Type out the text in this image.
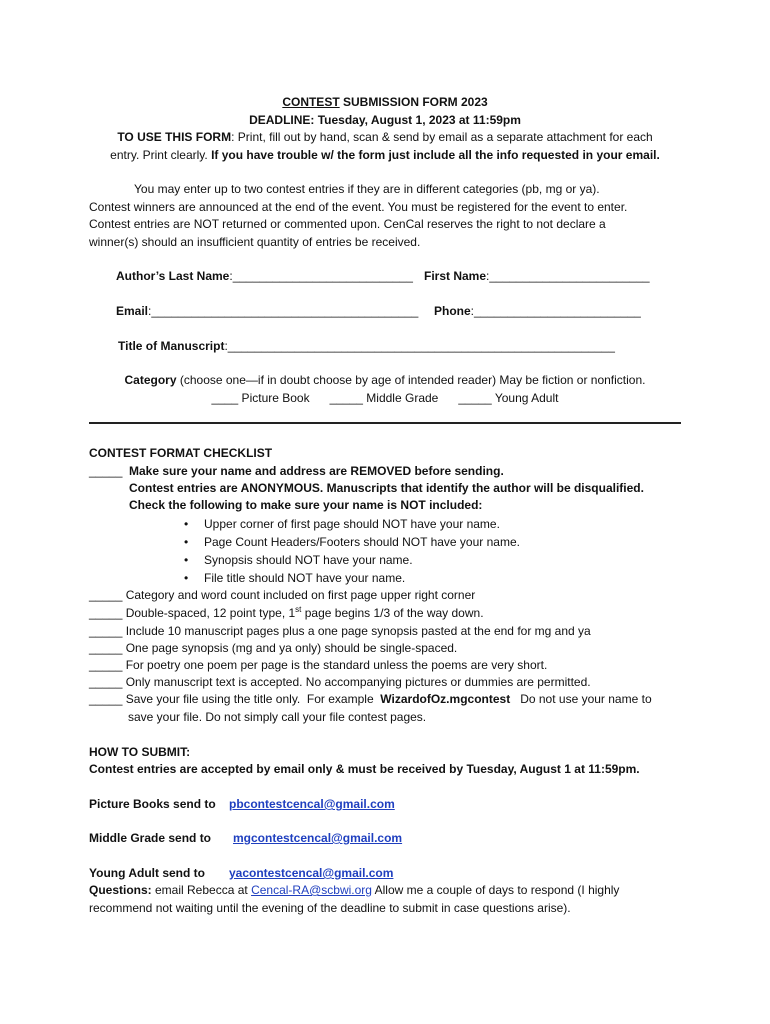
CONTEST SUBMISSION FORM 2023
DEADLINE: Tuesday, August 1, 2023 at 11:59pm
TO USE THIS FORM: Print, fill out by hand, scan & send by email as a separate attachment for each
entry. Print clearly. If you have trouble w/ the form just include all the info requested in your email.
You may enter up to two contest entries if they are in different categories (pb, mg or ya).
Contest winners are announced at the end of the event. You must be registered for the event to enter.
Contest entries are NOT returned or commented upon. CenCal reserves the right to not declare a
winner(s) should an insufficient quantity of entries be received.
Author’s Last Name:___________________________ First Name:________________________
Email:________________________________________ Phone:_________________________
Title of Manuscript:__________________________________________________________
Category (choose one—if in doubt choose by age of intended reader) May be fiction or nonfiction.
____ Picture Book      _____ Middle Grade      _____ Young Adult
CONTEST FORMAT CHECKLIST
_____ Make sure your name and address are REMOVED before sending.
Contest entries are ANONYMOUS. Manuscripts that identify the author will be disqualified.
Check the following to make sure your name is NOT included:
• Upper corner of first page should NOT have your name.
• Page Count Headers/Footers should NOT have your name.
• Synopsis should NOT have your name.
• File title should NOT have your name.
_____ Category and word count included on first page upper right corner
_____ Double-spaced, 12 point type, 1st page begins 1/3 of the way down.
_____ Include 10 manuscript pages plus a one page synopsis pasted at the end for mg and ya
_____ One page synopsis (mg and ya only) should be single-spaced.
_____ For poetry one poem per page is the standard unless the poems are very short.
_____ Only manuscript text is accepted. No accompanying pictures or dummies are permitted.
_____ Save your file using the title only.  For example  WizardofOz.mgcontest   Do not use your name to
save your file. Do not simply call your file contest pages.
HOW TO SUBMIT:
Contest entries are accepted by email only & must be received by Tuesday, August 1 at 11:59pm.
Picture Books send to pbcontestcencal@gmail.com
Middle Grade send to mgcontestcencal@gmail.com
Young Adult send to yacontestcencal@gmail.com
Questions: email Rebecca at Cencal-RA@scbwi.org Allow me a couple of days to respond (I highly
recommend not waiting until the evening of the deadline to submit in case questions arise).
